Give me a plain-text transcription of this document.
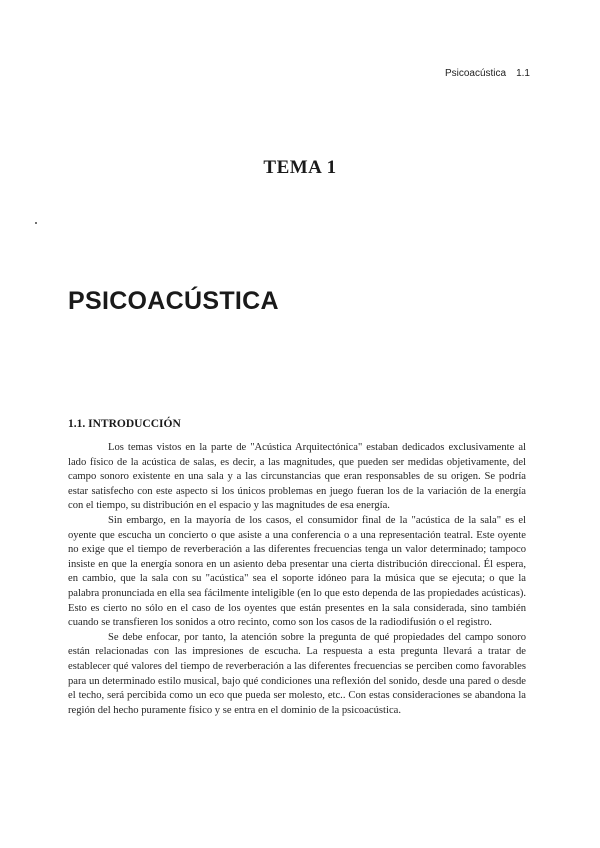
Psicoacústica 1.1
TEMA 1
PSICOACÚSTICA
1.1. INTRODUCCIÓN

Los temas vistos en la parte de "Acústica Arquitectónica" estaban dedicados exclusivamente al lado físico de la acústica de salas, es decir, a las magnitudes, que pueden ser medidas objetivamente, del campo sonoro existente en una sala y a las circunstancias que eran responsables de su origen. Se podría estar satisfecho con este aspecto si los únicos problemas en juego fueran los de la variación de la energía con el tiempo, su distribución en el espacio y las magnitudes de esa energía.

Sin embargo, en la mayoría de los casos, el consumidor final de la "acústica de la sala" es el oyente que escucha un concierto o que asiste a una conferencia o a una representación teatral. Este oyente no exige que el tiempo de reverberación a las diferentes frecuencias tenga un valor determinado; tampoco insiste en que la energía sonora en un asiento deba presentar una cierta distribución direccional. Él espera, en cambio, que la sala con su "acústica" sea el soporte idóneo para la música que se ejecuta; o que la palabra pronunciada en ella sea fácilmente inteligible (en lo que esto dependa de las propiedades acústicas). Esto es cierto no sólo en el caso de los oyentes que están presentes en la sala considerada, sino también cuando se transfieren los sonidos a otro recinto, como son los casos de la radiodifusión o el registro.

Se debe enfocar, por tanto, la atención sobre la pregunta de qué propiedades del campo sonoro están relacionadas con las impresiones de escucha. La respuesta a esta pregunta llevará a tratar de establecer qué valores del tiempo de reverberación a las diferentes frecuencias se perciben como favorables para un determinado estilo musical, bajo qué condiciones una reflexión del sonido, desde una pared o desde el techo, será percibida como un eco que pueda ser molesto, etc.. Con estas consideraciones se abandona la región del hecho puramente físico y se entra en el dominio de la psicoacústica.
